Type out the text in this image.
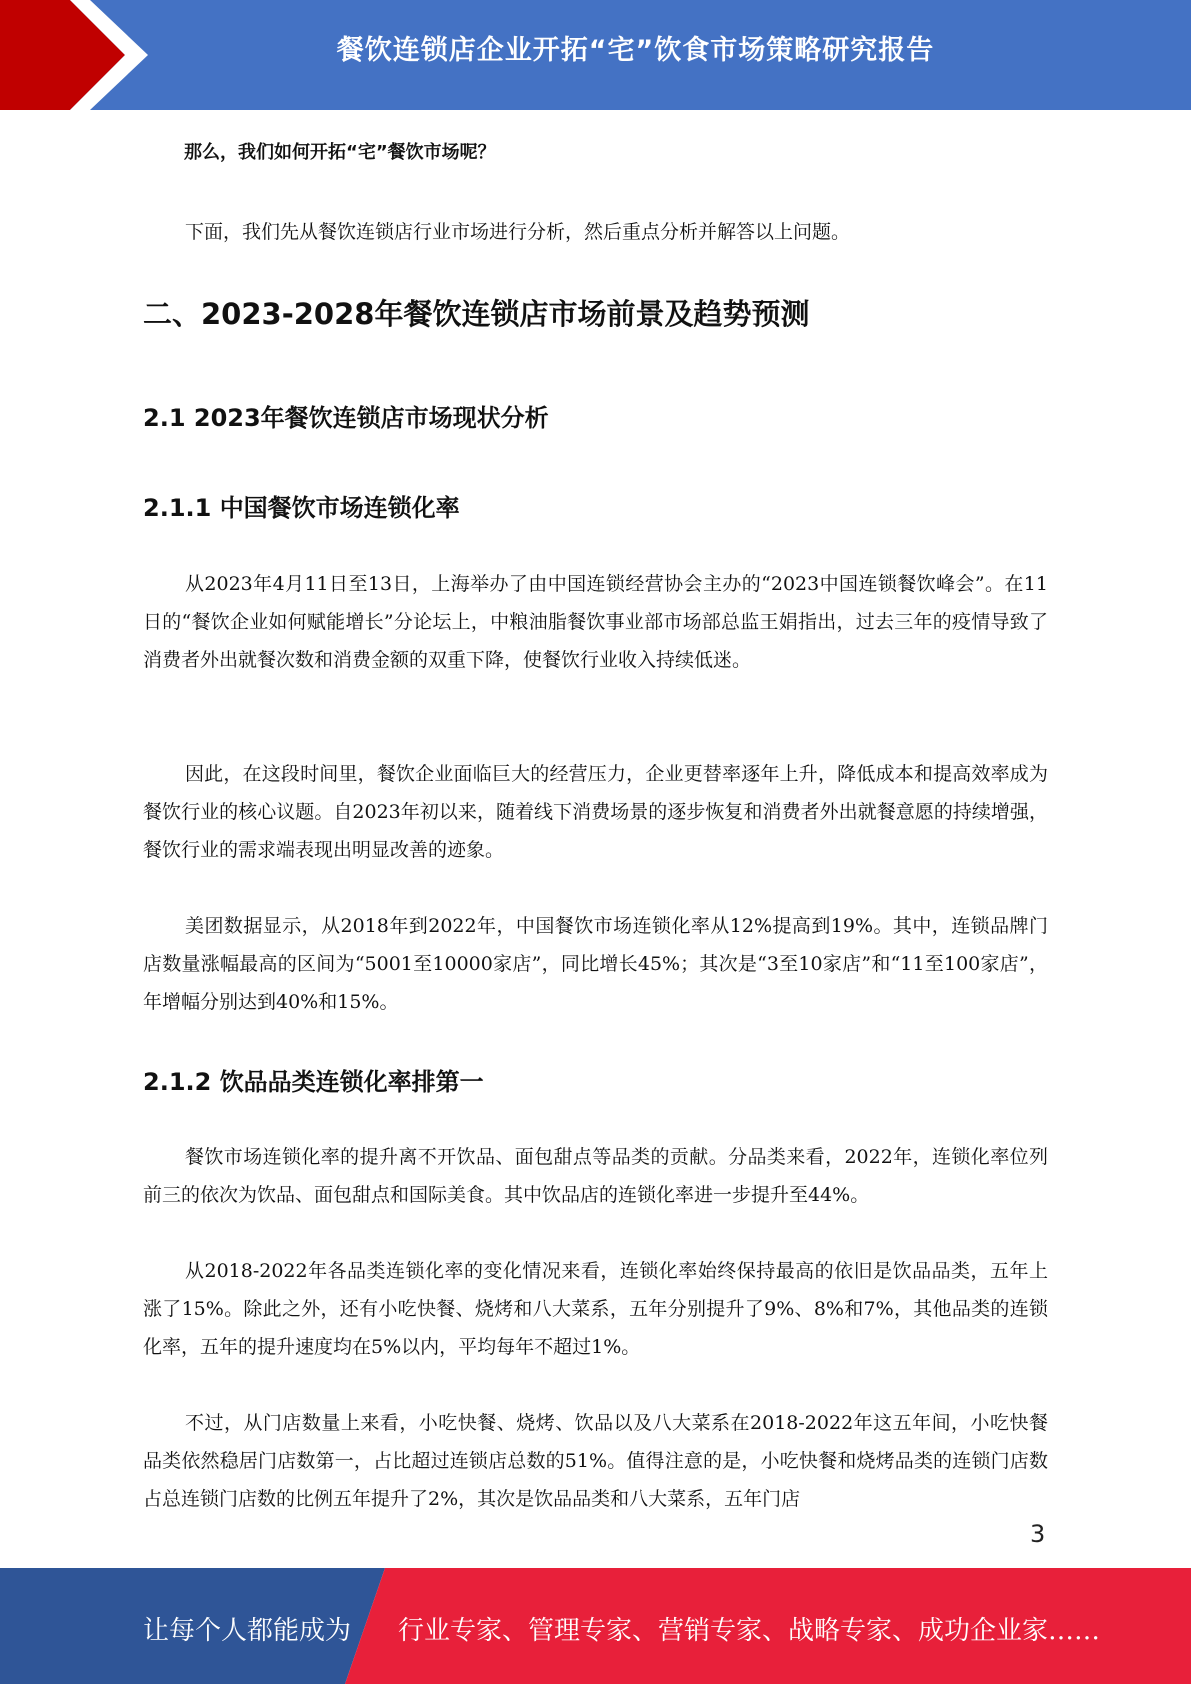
餐饮连锁店企业开拓“宅”饮食市场策略研究报告
那么，我们如何开拓“宅”餐饮市场呢？

下面，我们先从餐饮连锁店行业市场进行分析，然后重点分析并解答以上问题。

二、2023-2028年餐饮连锁店市场前景及趋势预测
2.1 2023年餐饮连锁店市场现状分析
2.1.1 中国餐饮市场连锁化率

从2023年4月11日至13日，上海举办了由中国连锁经营协会主办的“2023中国连锁餐饮峰会”。在11日的“餐饮企业如何赋能增长”分论坛上，中粮油脂餐饮事业部市场部总监王娟指出，过去三年的疫情导致了消费者外出就餐次数和消费金额的双重下降，使餐饮行业收入持续低迷。

因此，在这段时间里，餐饮企业面临巨大的经营压力，企业更替率逐年上升，降低成本和提高效率成为餐饮行业的核心议题。自2023年初以来，随着线下消费场景的逐步恢复和消费者外出就餐意愿的持续增强，餐饮行业的需求端表现出明显改善的迹象。

美团数据显示，从2018年到2022年，中国餐饮市场连锁化率从12%提高到19%。其中，连锁品牌门店数量涨幅最高的区间为“5001至10000家店”，同比增长45%；其次是“3至10家店”和“11至100家店”，年增幅分别达到40%和15%。

2.1.2 饮品品类连锁化率排第一

餐饮市场连锁化率的提升离不开饮品、面包甜点等品类的贡献。分品类来看，2022年，连锁化率位列前三的依次为饮品、面包甜点和国际美食。其中饮品店的连锁化率进一步提升至44%。

从2018-2022年各品类连锁化率的变化情况来看，连锁化率始终保持最高的依旧是饮品品类，五年上涨了15%。除此之外，还有小吃快餐、烧烤和八大菜系，五年分别提升了9%、8%和7%，其他品类的连锁化率，五年的提升速度均在5%以内，平均每年不超过1%。

不过，从门店数量上来看，小吃快餐、烧烤、饮品以及八大菜系在2018-2022年这五年间，小吃快餐品类依然稳居门店数第一，占比超过连锁店总数的51%。值得注意的是，小吃快餐和烧烤品类的连锁门店数占总连锁门店数的比例五年提升了2%，其次是饮品品类和八大菜系，五年门店

3
让每个人都能成为 行业专家、管理专家、营销专家、战略专家、成功企业家……
